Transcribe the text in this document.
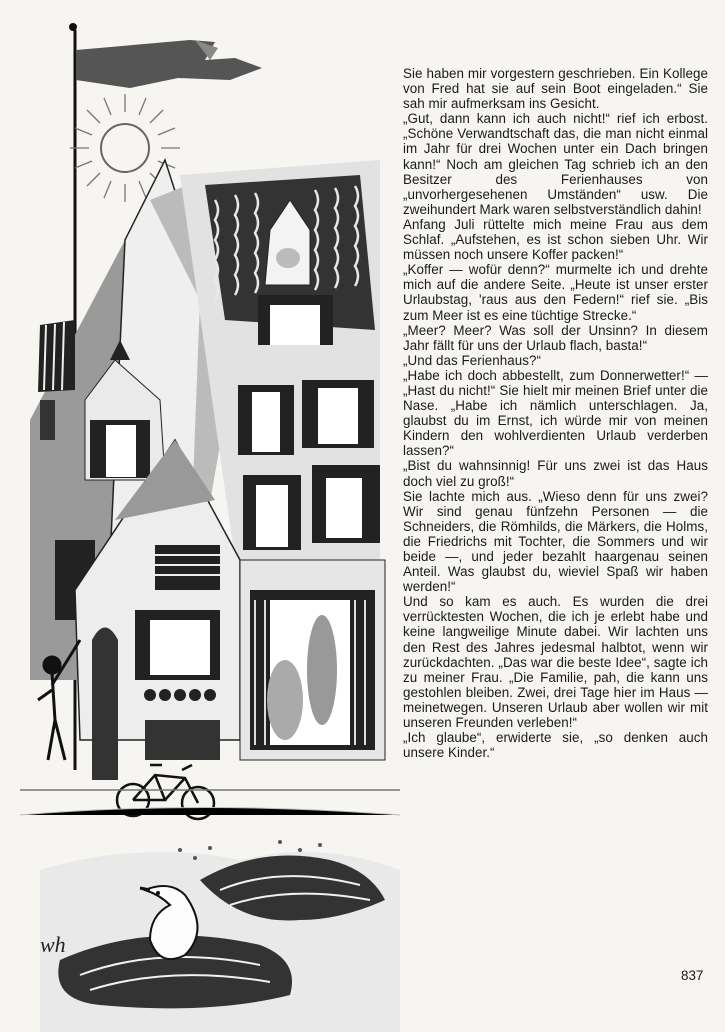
wh

Sie haben mir vorgestern geschrieben. Ein Kollege von Fred hat sie auf sein Boot eingeladen.“ Sie sah mir aufmerksam ins Gesicht.

„Gut, dann kann ich auch nicht!“ rief ich erbost. „Schöne Verwandtschaft das, die man nicht einmal im Jahr für drei Wochen unter ein Dach bringen kann!“ Noch am gleichen Tag schrieb ich an den Besitzer des Ferienhauses von „unvorhergesehenen Umständen“ usw. Die zweihundert Mark waren selbstverständlich dahin!

Anfang Juli rüttelte mich meine Frau aus dem Schlaf. „Aufstehen, es ist schon sieben Uhr. Wir müssen noch unsere Koffer packen!“

„Koffer — wofür denn?“ murmelte ich und drehte mich auf die andere Seite. „Heute ist unser erster Urlaubstag, 'raus aus den Federn!“ rief sie. „Bis zum Meer ist es eine tüchtige Strecke.“

„Meer? Meer? Was soll der Unsinn? In diesem Jahr fällt für uns der Urlaub flach, basta!“

„Und das Ferienhaus?“

„Habe ich doch abbestellt, zum Donnerwetter!“ — „Hast du nicht!“ Sie hielt mir meinen Brief unter die Nase. „Habe ich nämlich unterschlagen. Ja, glaubst du im Ernst, ich würde mir von meinen Kindern den wohlverdienten Urlaub verderben lassen?“

„Bist du wahnsinnig! Für uns zwei ist das Haus doch viel zu groß!“

Sie lachte mich aus. „Wieso denn für uns zwei? Wir sind genau fünfzehn Personen — die Schneiders, die Römhilds, die Märkers, die Holms, die Friedrichs mit Tochter, die Sommers und wir beide —, und jeder bezahlt haargenau seinen Anteil. Was glaubst du, wieviel Spaß wir haben werden!“

Und so kam es auch. Es wurden die drei verrücktesten Wochen, die ich je erlebt habe und keine langweilige Minute dabei. Wir lachten uns den Rest des Jahres jedesmal halbtot, wenn wir zurückdachten. „Das war die beste Idee“, sagte ich zu meiner Frau. „Die Familie, pah, die kann uns gestohlen bleiben. Zwei, drei Tage hier im Haus — meinetwegen. Unseren Urlaub aber wollen wir mit unseren Freunden verleben!“

„Ich glaube“, erwiderte sie, „so denken auch unsere Kinder.“

837
